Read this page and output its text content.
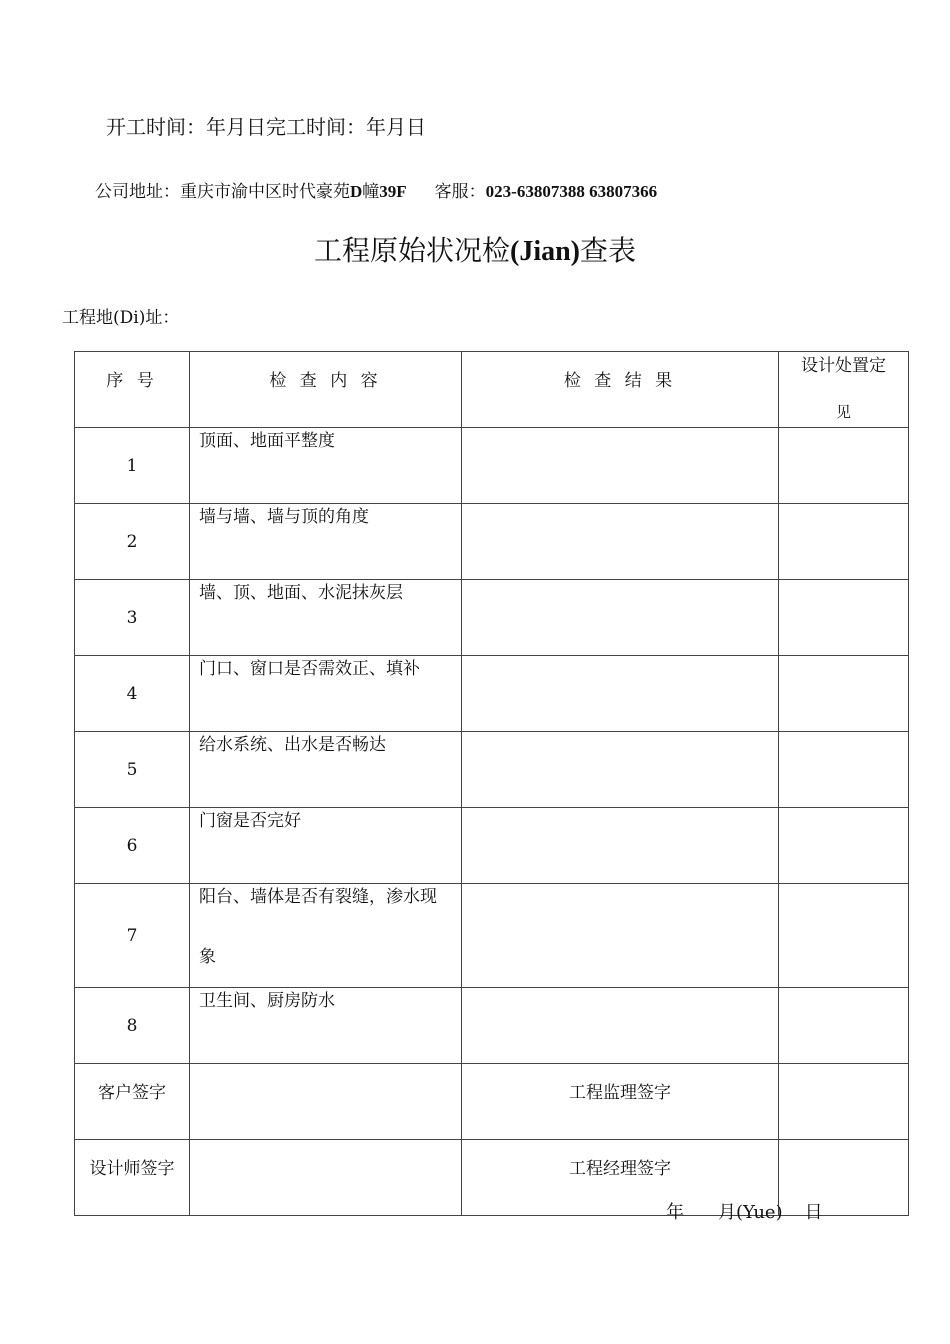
开工时间：年月日完工时间：年月日
公司地址：重庆市渝中区时代豪苑D幢39F 客服：023-63807388 63807366
工程原始状况检(Jian)查表
工程地(Di)址：
序 号	检 查 内 容	检 查 结 果	设计处置定
见

1	顶面、地面平整度		

2	墙与墙、墙与顶的角度		

3	墙、顶、地面、水泥抹灰层		

4	门口、窗口是否需效正、填补		

5	给水系统、出水是否畅达		

6	门窗是否完好		

7	阳台、墙体是否有裂缝，渗水现象		

8	卫生间、厨房防水		

客户签字		工程监理签字	
设计师签字		工程经理签字	
年 月(Yue) 日
